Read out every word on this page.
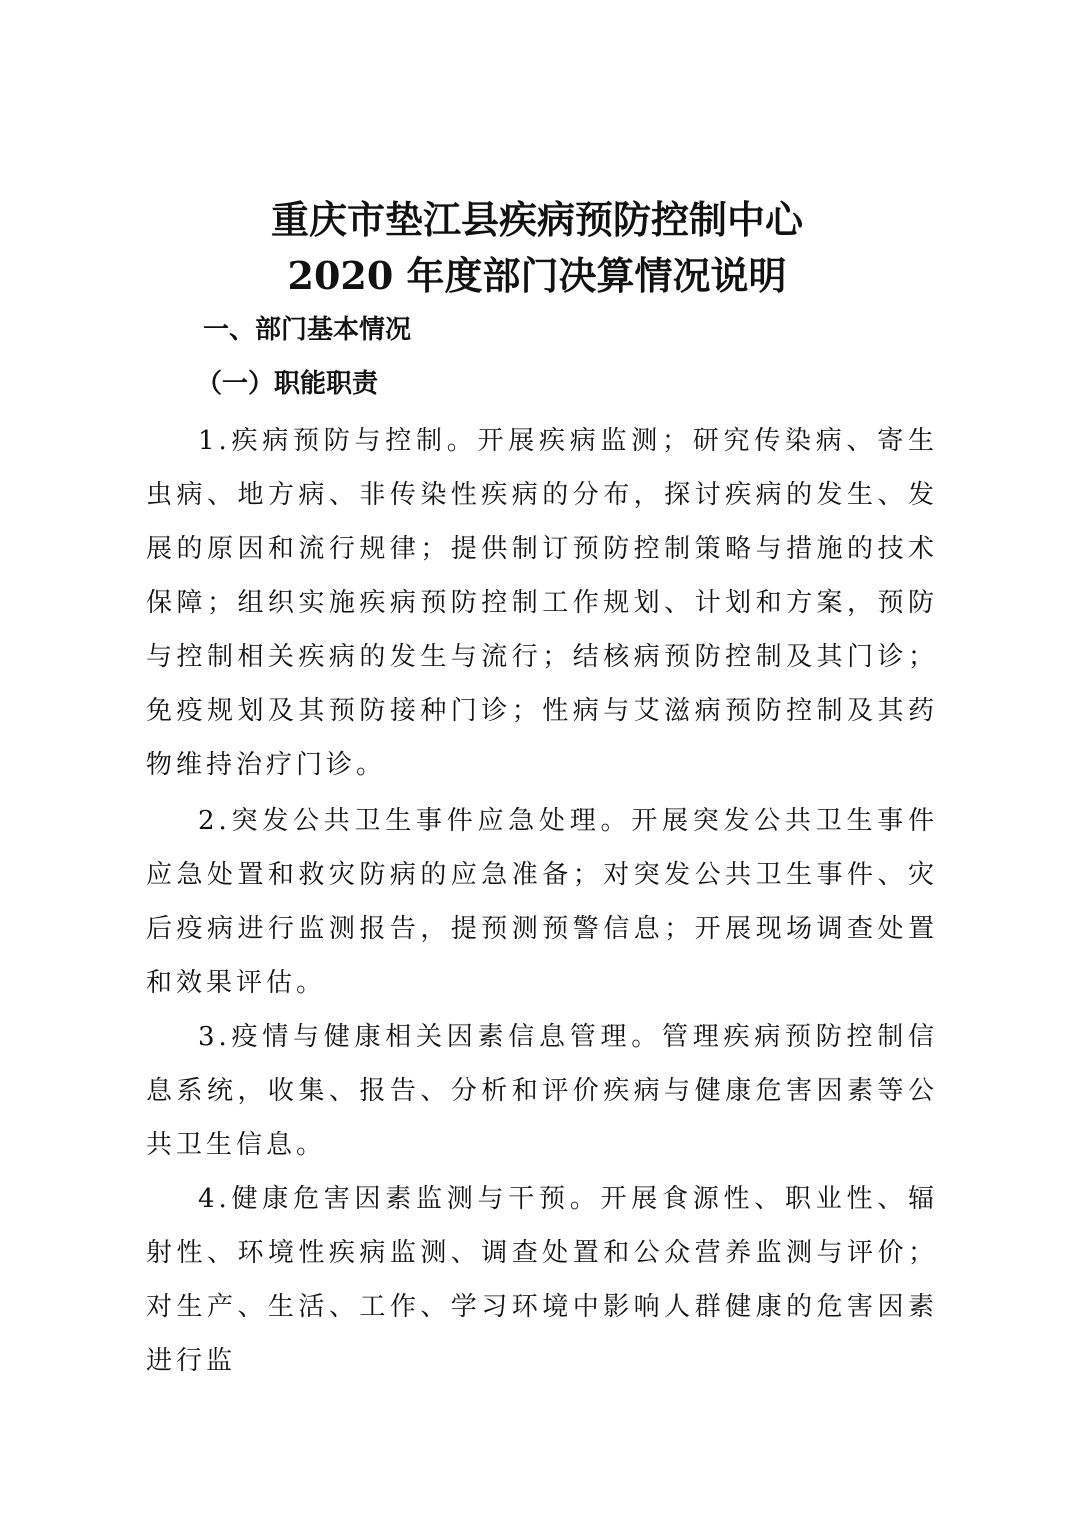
重庆市垫江县疾病预防控制中心
2020 年度部门决算情况说明
一、部门基本情况
（一）职能职责

1.疾病预防与控制。开展疾病监测；研究传染病、寄生虫病、地方病、非传染性疾病的分布，探讨疾病的发生、发展的原因和流行规律；提供制订预防控制策略与措施的技术保障；组织实施疾病预防控制工作规划、计划和方案，预防与控制相关疾病的发生与流行；结核病预防控制及其门诊；免疫规划及其预防接种门诊；性病与艾滋病预防控制及其药物维持治疗门诊。

2.突发公共卫生事件应急处理。开展突发公共卫生事件应急处置和救灾防病的应急准备；对突发公共卫生事件、灾后疫病进行监测报告，提预测预警信息；开展现场调查处置和效果评估。

3.疫情与健康相关因素信息管理。管理疾病预防控制信息系统，收集、报告、分析和评价疾病与健康危害因素等公共卫生信息。

4.健康危害因素监测与干预。开展食源性、职业性、辐射性、环境性疾病监测、调查处置和公众营养监测与评价；对生产、生活、工作、学习环境中影响人群健康的危害因素进行监
